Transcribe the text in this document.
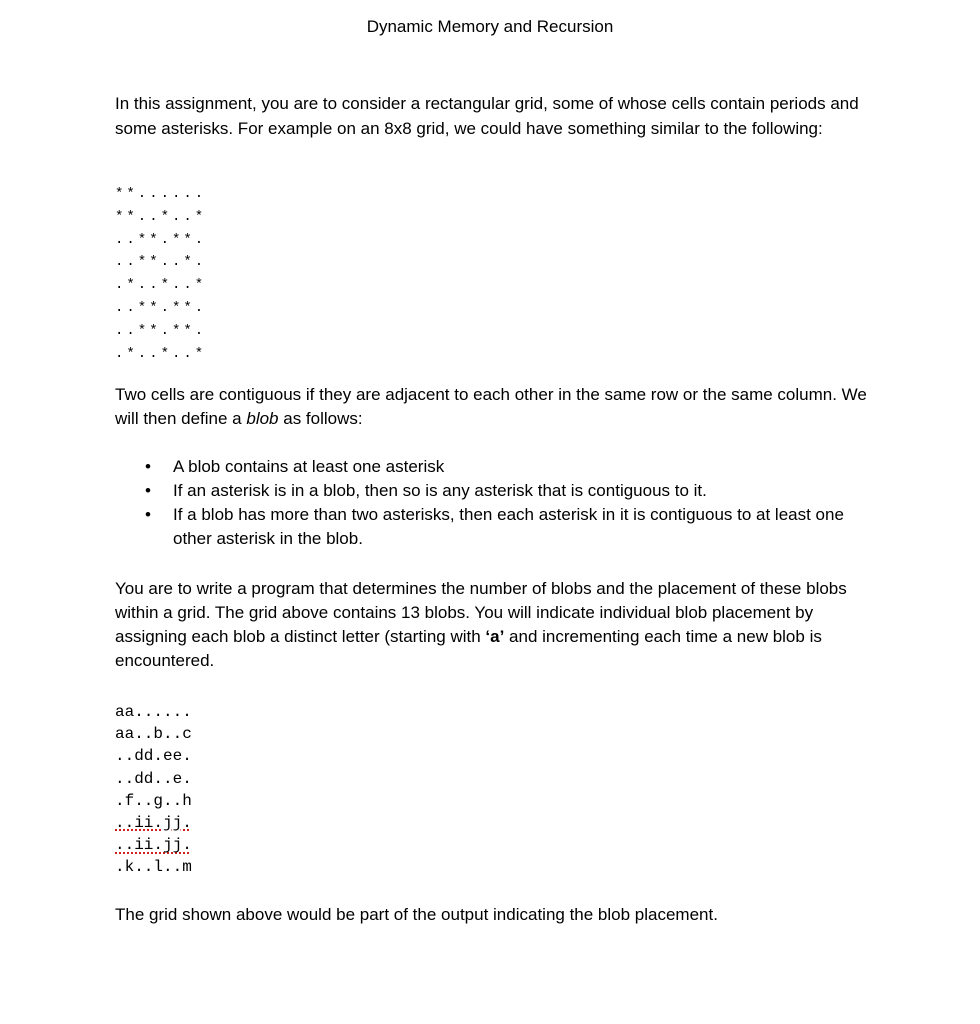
Dynamic Memory and Recursion

In this assignment, you are to consider a rectangular grid, some of whose cells contain periods and some asterisks. For example on an 8x8 grid, we could have something similar to the following:

**......
**..*..*
..**.**.
..**..*.
.*..*..*
..**.**.
..**.**.
.*..*..*

Two cells are contiguous if they are adjacent to each other in the same row or the same column. We will then define a blob as follows:

• A blob contains at least one asterisk
• If an asterisk is in a blob, then so is any asterisk that is contiguous to it.
• If a blob has more than two asterisks, then each asterisk in it is contiguous to at least one other asterisk in the blob.

You are to write a program that determines the number of blobs and the placement of these blobs within a grid. The grid above contains 13 blobs. You will indicate individual blob placement by assigning each blob a distinct letter (starting with ‘a’ and incrementing each time a new blob is encountered.

aa......
aa..b..c
..dd.ee.
..dd..e.
.f..g..h
..ii.jj.
..ii.jj.
.k..l..m

The grid shown above would be part of the output indicating the blob placement.
